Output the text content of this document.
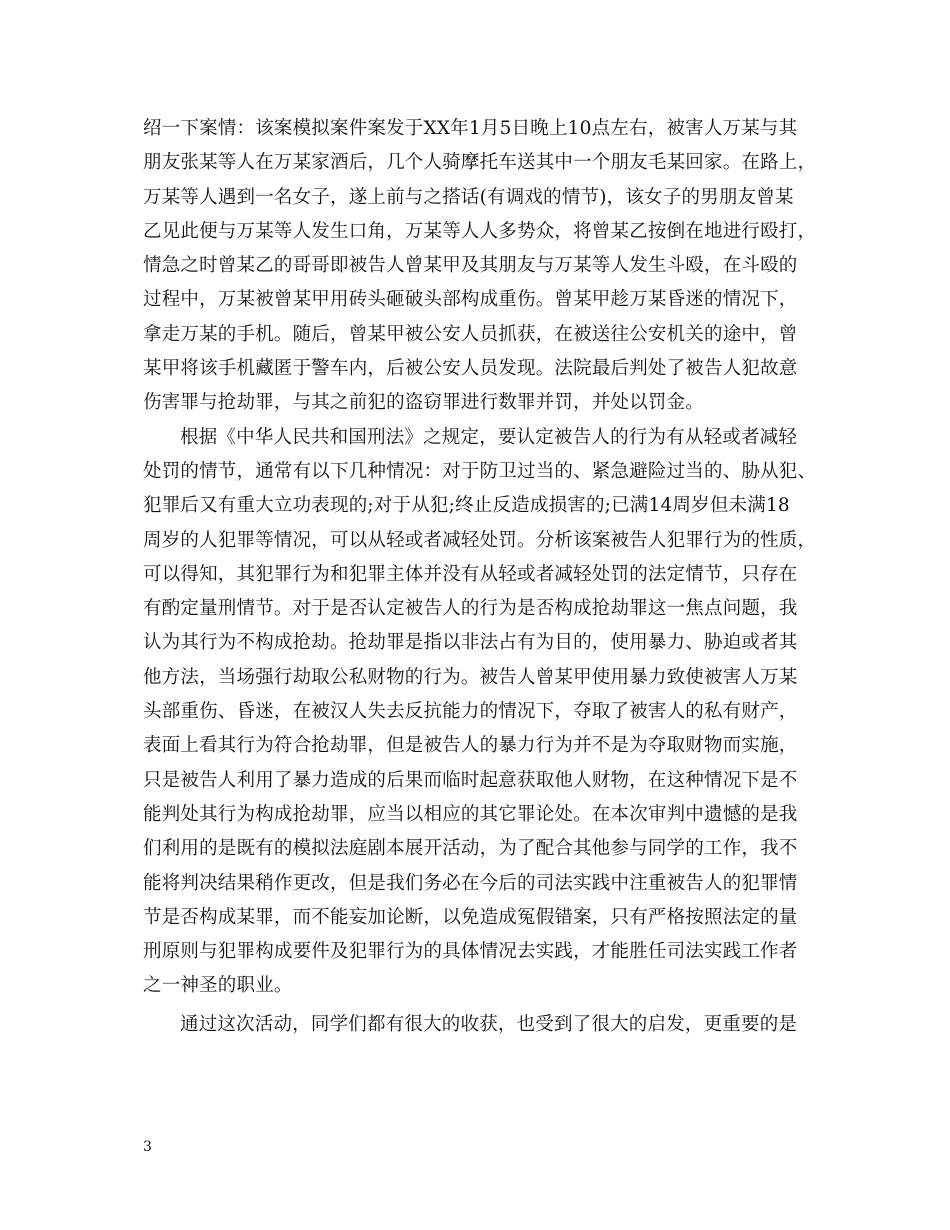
绍一下案情：该案模拟案件案发于XX年1月5日晚上10点左右，被害人万某与其
朋友张某等人在万某家酒后，几个人骑摩托车送其中一个朋友毛某回家。在路上，
万某等人遇到一名女子，遂上前与之搭话(有调戏的情节)，该女子的男朋友曾某
乙见此便与万某等人发生口角，万某等人人多势众，将曾某乙按倒在地进行殴打，
情急之时曾某乙的哥哥即被告人曾某甲及其朋友与万某等人发生斗殴，在斗殴的
过程中，万某被曾某甲用砖头砸破头部构成重伤。曾某甲趁万某昏迷的情况下，
拿走万某的手机。随后，曾某甲被公安人员抓获，在被送往公安机关的途中，曾
某甲将该手机藏匿于警车内，后被公安人员发现。法院最后判处了被告人犯故意
伤害罪与抢劫罪，与其之前犯的盗窃罪进行数罪并罚，并处以罚金。
根据《中华人民共和国刑法》之规定，要认定被告人的行为有从轻或者减轻
处罚的情节，通常有以下几种情况：对于防卫过当的、紧急避险过当的、胁从犯、
犯罪后又有重大立功表现的;对于从犯;终止反造成损害的;已满14周岁但未满18
周岁的人犯罪等情况，可以从轻或者减轻处罚。分析该案被告人犯罪行为的性质，
可以得知，其犯罪行为和犯罪主体并没有从轻或者减轻处罚的法定情节，只存在
有酌定量刑情节。对于是否认定被告人的行为是否构成抢劫罪这一焦点问题，我
认为其行为不构成抢劫。抢劫罪是指以非法占有为目的，使用暴力、胁迫或者其
他方法，当场强行劫取公私财物的行为。被告人曾某甲使用暴力致使被害人万某
头部重伤、昏迷，在被汉人失去反抗能力的情况下，夺取了被害人的私有财产，
表面上看其行为符合抢劫罪，但是被告人的暴力行为并不是为夺取财物而实施，
只是被告人利用了暴力造成的后果而临时起意获取他人财物，在这种情况下是不
能判处其行为构成抢劫罪，应当以相应的其它罪论处。在本次审判中遗憾的是我
们利用的是既有的模拟法庭剧本展开活动，为了配合其他参与同学的工作，我不
能将判决结果稍作更改，但是我们务必在今后的司法实践中注重被告人的犯罪情
节是否构成某罪，而不能妄加论断，以免造成冤假错案，只有严格按照法定的量
刑原则与犯罪构成要件及犯罪行为的具体情况去实践，才能胜任司法实践工作者
之一神圣的职业。
通过这次活动，同学们都有很大的收获，也受到了很大的启发，更重要的是
3
